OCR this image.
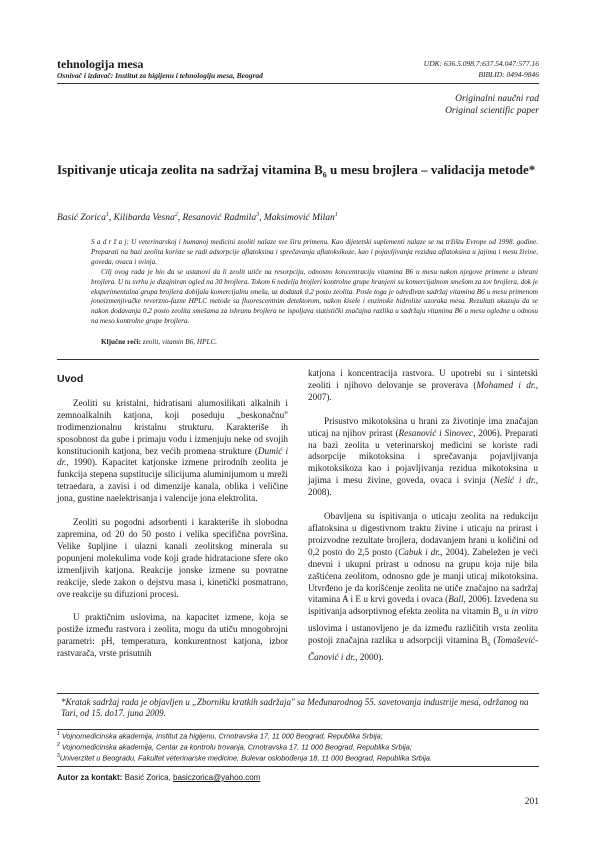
tehnologija mesa
Osnivač i izdavač: Institut za higijenu i tehnologiju mesa, Beograd
UDK: 636.5.098.7:637.54.047:577.16
BIBLID: 0494-9846
Originalni naučni rad
Original scientific paper
Ispitivanje uticaja zeolita na sadržaj vitamina $B_6$ u mesu brojlera – validacija metode*
Basić Zorica$^1$, Kilibarda Vesna$^2$, Resanović Radmila$^3$, Maksimović Milan$^1$

S a d r ž a j: U veterinarskoj i humanoj medicini zeoliti nalaze sve širu primenu. Kao dijetetski suplementi nalaze se na tržištu Evrope od 1998. godine. Preparati na bazi zeolita koriste se radi adsorpcije aflatoksina i sprečavanja aflatoksikoze, kao i pojavljivanja rezidua aflatoksina u jajima i mesu živine, goveda, ovaca i svinja.

Cilj ovog rada je bio da se ustanovi da li zeolit utiče na resorpciju, odnosno koncentraciju vitamina B6 u mesu nakon njegove primene u ishrani brojlera. U tu svrhu je dizajniran ogled na 30 brojlera. Tokom 6 nedelja brojleri kontrolne grupe hranjeni su komercijalnom smešom za tov brojlera, dok je eksperimentalna grupa brojlera dobijala komercijalnu smešu, uz dodatak 0,2 posto zeolita. Posle toga je određivan sadržaj vitamina B6 u mesu primenom jonoizmenjivačke reverzno-fazne HPLC metode sa fluorescentnim detektorom, nakon kisele i enzimske hidrolize uzoraka mesa. Rezultati ukazuju da se nakon dodavanja 0,2 posto zeolita smešama za ishranu brojlera ne ispoljava statistički značajna razlika u sadržaju vitamina B6 u mesu oglednе u odnosu na meso kontrolne grupe brojlera.

Ključne reči: zeolit, vitamin B6, HPLC.
Uvod

Zeoliti su kristalni, hidratisani alumosilikati alkalnih i zemnoalkalnih katjona, koji poseduju „beskonačnu" trodimenzionalnu kristalnu strukturu. Karakteriše ih sposobnost da gube i primaju vodu i izmenjuju neke od svojih konstitucionih katjona, bez većih promena strukture (Dumić i dr., 1990). Kapacitet katjonske izmene prirodnih zeolita je funkcija stepena supstitucije silicijuma aluminijumom u mreži tetraedara, a zavisi i od dimenzije kanala, oblika i veličine jona, gustine naelektrisanja i valencije jona elektrolita.

Zeoliti su pogodni adsorbenti i karakteriše ih slobodna zapremina, od 20 do 50 posto i velika specifična površina. Velike šupljine i ulazni kanali zeolitskog minerala su popunjeni molekulima vode koji grade hidratacione sfere oko izmenljivih katjona. Reakcije jonske izmene su povratne reakcije, slede zakon o dejstvu masa i, kinetički posmatrano, ove reakcije su difuzioni procesi.

U praktičnim uslovima, na kapacitet izmene, koja se postiže između rastvora i zeolita, mogu da utiču mnogobrojni parametri: pH, temperatura, konkurentnost katjona, izbor rastvarača, vrste prisutnih

katjona i koncentracija rastvora. U upotrebi su i sintetski zeoliti i njihovo delovanje se proverava (Mohamed i dr., 2007).

Prisustvo mikotoksina u hrani za životinje ima značajan uticaj na njihov prirast (Resanović i Sinovec, 2006). Preparati na bazi zeolita u veterinarskoj medicini se koriste radi adsorpcije mikotoksina i sprečavanja pojavljivanja mikotoksikoza kao i pojavljivanja rezidua mikotoksina u jajima i mesu živine, goveda, ovaca i svinja (Nešić i dr., 2008).

Obavljena su ispitivanja o uticaju zeolita na redukciju aflatoksina u digestivnom traktu živine i uticaju na prirast i proizvodne rezultate brojlera, dodavanjem hrani u količini od 0,2 posto do 2,5 posto (Cabuk i dr., 2004). Zabeležen je veći dnevni i ukupni prirast u odnosu na grupu koja nije bila zaštićena zeolitom, odnosno gde je manji uticaj mikotoksina. Utvrđeno je da korišćenje zeolita ne utiče značajno na sadržaj vitamina A i E u krvi goveda i ovaca (Ball, 2006). Izvedena su ispitivanja adsorptivnog efekta zeolita na vitamin $B_6$ u in vitro uslovima i ustanovljeno je da između različitih vrsta zeolita postoji značajna razlika u adsorpciji vitamina $B_6$ (Tomašević-Čanović i dr., 2000).

*Kratak sadržaj rada je objavljen u „Zborniku kratkih sadržaja" sa Međunarodnog 55. savetovanja industrije mesa, održanog na Tari, od 15. do17. juna 2009.
$^1$ Vojnomedicinska akademija, Institut za higijenu, Crnotravska 17, 11 000 Beograd, Republika Srbija;
$^2$ Vojnomedicinska akademija, Centar za kontrolu trovanja, Crnotravska 17, 11 000 Beograd, Republika Srbija;
$^3$Univerzitet u Beogradu, Fakultet veterinarske medicine, Bulevar oslobođenja 18, 11 000 Beograd, Republika Srbija.
Autor za kontakt: Basić Zorica, basiczorica@yahoo.com
201
